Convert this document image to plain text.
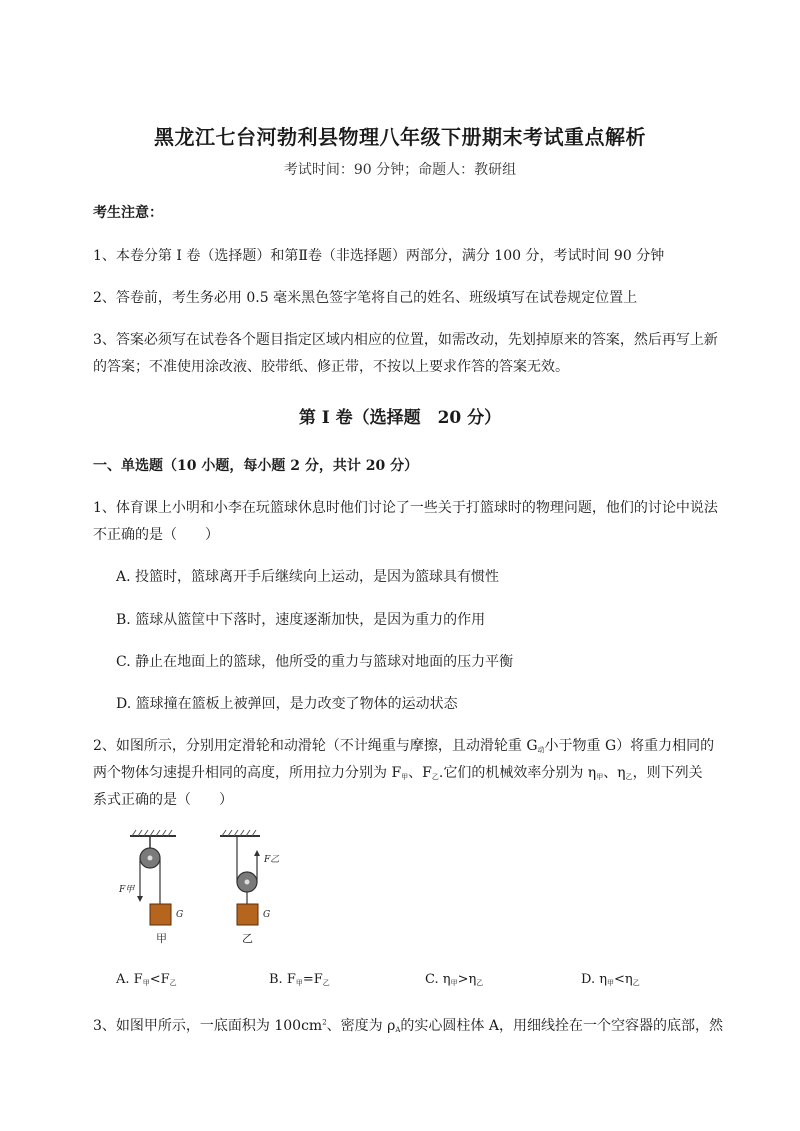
黑龙江七台河勃利县物理八年级下册期末考试重点解析
考试时间：90 分钟；命题人：教研组
考生注意：
1、本卷分第 I 卷（选择题）和第Ⅱ卷（非选择题）两部分，满分 100 分，考试时间 90 分钟
2、答卷前，考生务必用 0.5 毫米黑色签字笔将自己的姓名、班级填写在试卷规定位置上
3、答案必须写在试卷各个题目指定区域内相应的位置，如需改动，先划掉原来的答案，然后再写上新
的答案；不准使用涂改液、胶带纸、修正带，不按以上要求作答的答案无效。
第 I 卷（选择题　20 分）
一、单选题（10 小题，每小题 2 分，共计 20 分）
1、体育课上小明和小李在玩篮球休息时他们讨论了一些关于打篮球时的物理问题，他们的讨论中说法
不正确的是（　　）
A. 投篮时，篮球离开手后继续向上运动，是因为篮球具有惯性
B. 篮球从篮筐中下落时，速度逐渐加快，是因为重力的作用
C. 静止在地面上的篮球，他所受的重力与篮球对地面的压力平衡
D. 篮球撞在篮板上被弹回，是力改变了物体的运动状态
2、如图所示，分别用定滑轮和动滑轮（不计绳重与摩擦，且动滑轮重 $G_动$小于物重 G）将重力相同的
两个物体匀速提升相同的高度，所用拉力分别为 $F_甲$、$F_乙$.它们的机械效率分别为 $\eta_甲$、$\eta_乙$，则下列关
系式正确的是（　　）
F甲
G
甲
F乙
G
乙
A. $F_甲<F_乙$	B. $F_甲=F_乙$	C. $\eta_甲>\eta_乙$	D. $\eta_甲<\eta_乙$
3、如图甲所示，一底面积为 $100cm^2$、密度为 $\rho_A$的实心圆柱体 A，用细线拴在一个空容器的底部，然
